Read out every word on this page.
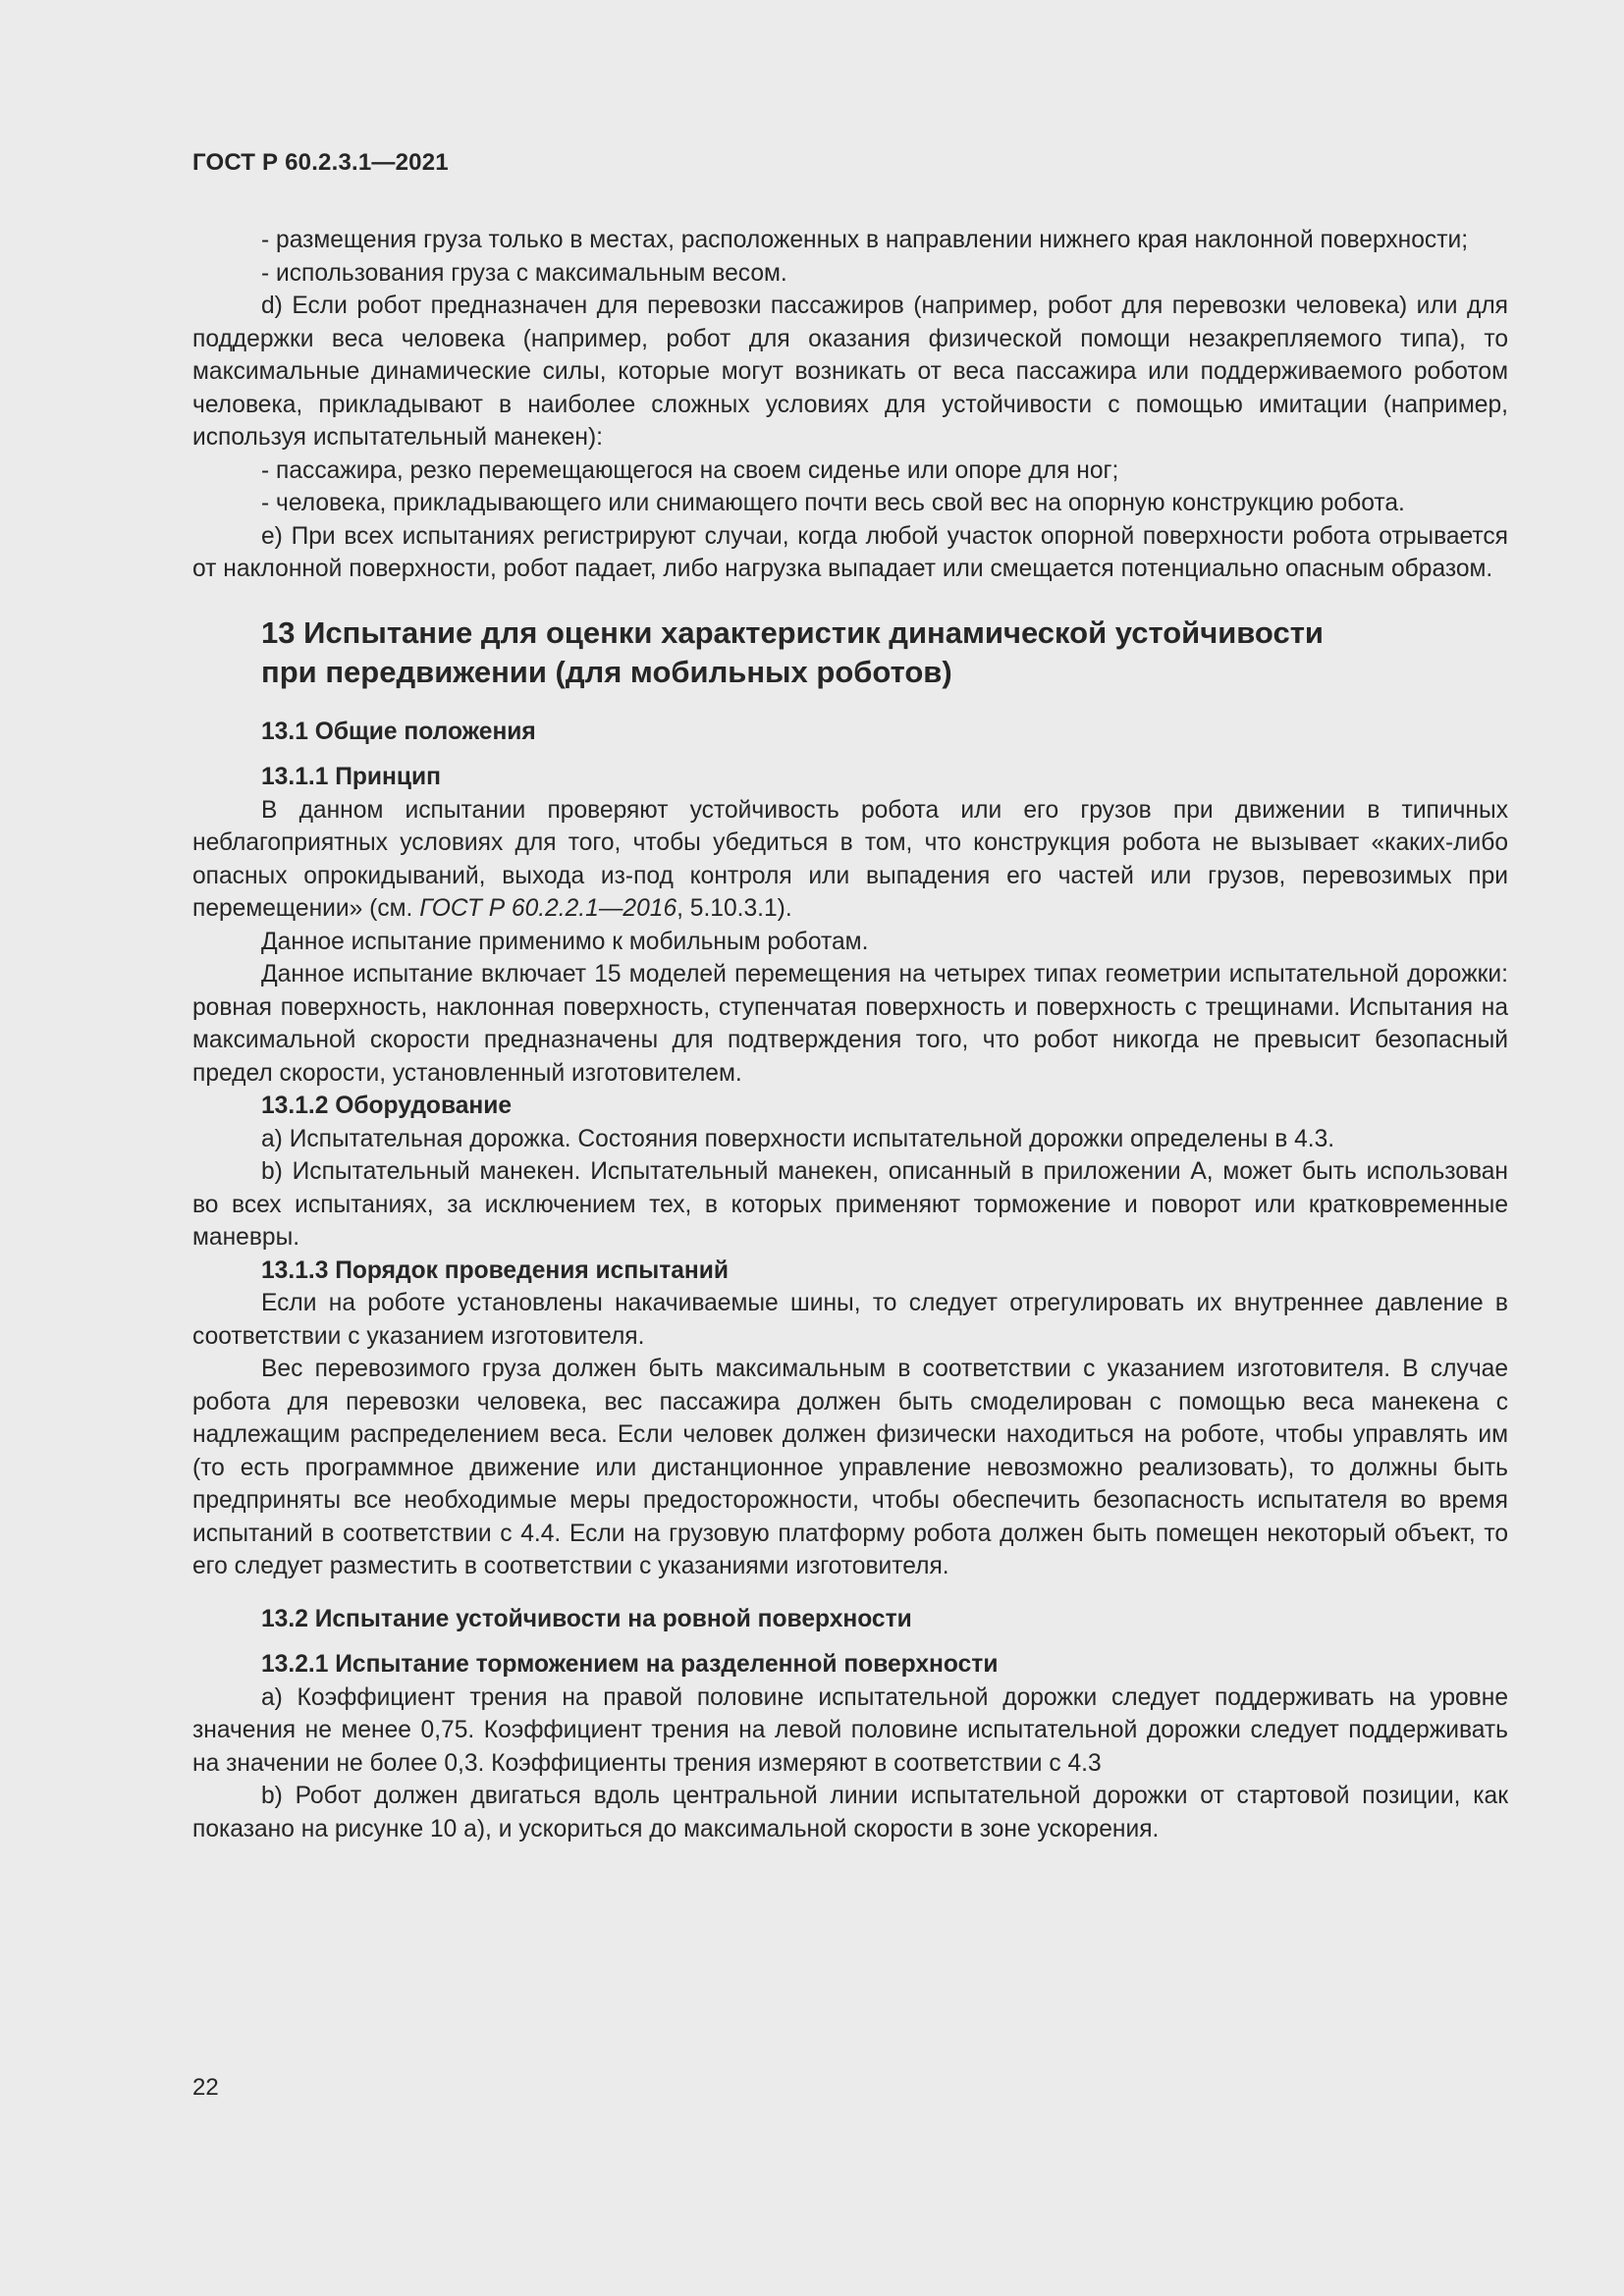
ГОСТ Р 60.2.3.1—2021

- размещения груза только в местах, расположенных в направлении нижнего края наклонной поверхности;

- использования груза с максимальным весом.

d) Если робот предназначен для перевозки пассажиров (например, робот для перевозки человека) или для поддержки веса человека (например, робот для оказания физической помощи незакрепляемого типа), то максимальные динамические силы, которые могут возникать от веса пассажира или поддерживаемого роботом человека, прикладывают в наиболее сложных условиях для устойчивости с помощью имитации (например, используя испытательный манекен):

- пассажира, резко перемещающегося на своем сиденье или опоре для ног;

- человека, прикладывающего или снимающего почти весь свой вес на опорную конструкцию робота.

e) При всех испытаниях регистрируют случаи, когда любой участок опорной поверхности робота отрывается от наклонной поверхности, робот падает, либо нагрузка выпадает или смещается потенциально опасным образом.

13 Испытание для оценки характеристик динамической устойчивости
при передвижении (для мобильных роботов)
13.1 Общие положения
13.1.1 Принцип

В данном испытании проверяют устойчивость робота или его грузов при движении в типичных неблагоприятных условиях для того, чтобы убедиться в том, что конструкция робота не вызывает «каких-либо опасных опрокидываний, выхода из-под контроля или выпадения его частей или грузов, перевозимых при перемещении» (см. ГОСТ Р 60.2.2.1—2016, 5.10.3.1).

Данное испытание применимо к мобильным роботам.

Данное испытание включает 15 моделей перемещения на четырех типах геометрии испытательной дорожки: ровная поверхность, наклонная поверхность, ступенчатая поверхность и поверхность с трещинами. Испытания на максимальной скорости предназначены для подтверждения того, что робот никогда не превысит безопасный предел скорости, установленный изготовителем.

13.1.2 Оборудование

a) Испытательная дорожка. Состояния поверхности испытательной дорожки определены в 4.3.

b) Испытательный манекен. Испытательный манекен, описанный в приложении А, может быть использован во всех испытаниях, за исключением тех, в которых применяют торможение и поворот или кратковременные маневры.

13.1.3 Порядок проведения испытаний

Если на роботе установлены накачиваемые шины, то следует отрегулировать их внутреннее давление в соответствии с указанием изготовителя.

Вес перевозимого груза должен быть максимальным в соответствии с указанием изготовителя. В случае робота для перевозки человека, вес пассажира должен быть смоделирован с помощью веса манекена с надлежащим распределением веса. Если человек должен физически находиться на роботе, чтобы управлять им (то есть программное движение или дистанционное управление невозможно реализовать), то должны быть предприняты все необходимые меры предосторожности, чтобы обеспечить безопасность испытателя во время испытаний в соответствии с 4.4. Если на грузовую платформу робота должен быть помещен некоторый объект, то его следует разместить в соответствии с указаниями изготовителя.

13.2 Испытание устойчивости на ровной поверхности
13.2.1 Испытание торможением на разделенной поверхности

a) Коэффициент трения на правой половине испытательной дорожки следует поддерживать на уровне значения не менее 0,75. Коэффициент трения на левой половине испытательной дорожки следует поддерживать на значении не более 0,3. Коэффициенты трения измеряют в соответствии с 4.3

b) Робот должен двигаться вдоль центральной линии испытательной дорожки от стартовой позиции, как показано на рисунке 10 а), и ускориться до максимальной скорости в зоне ускорения.

22
